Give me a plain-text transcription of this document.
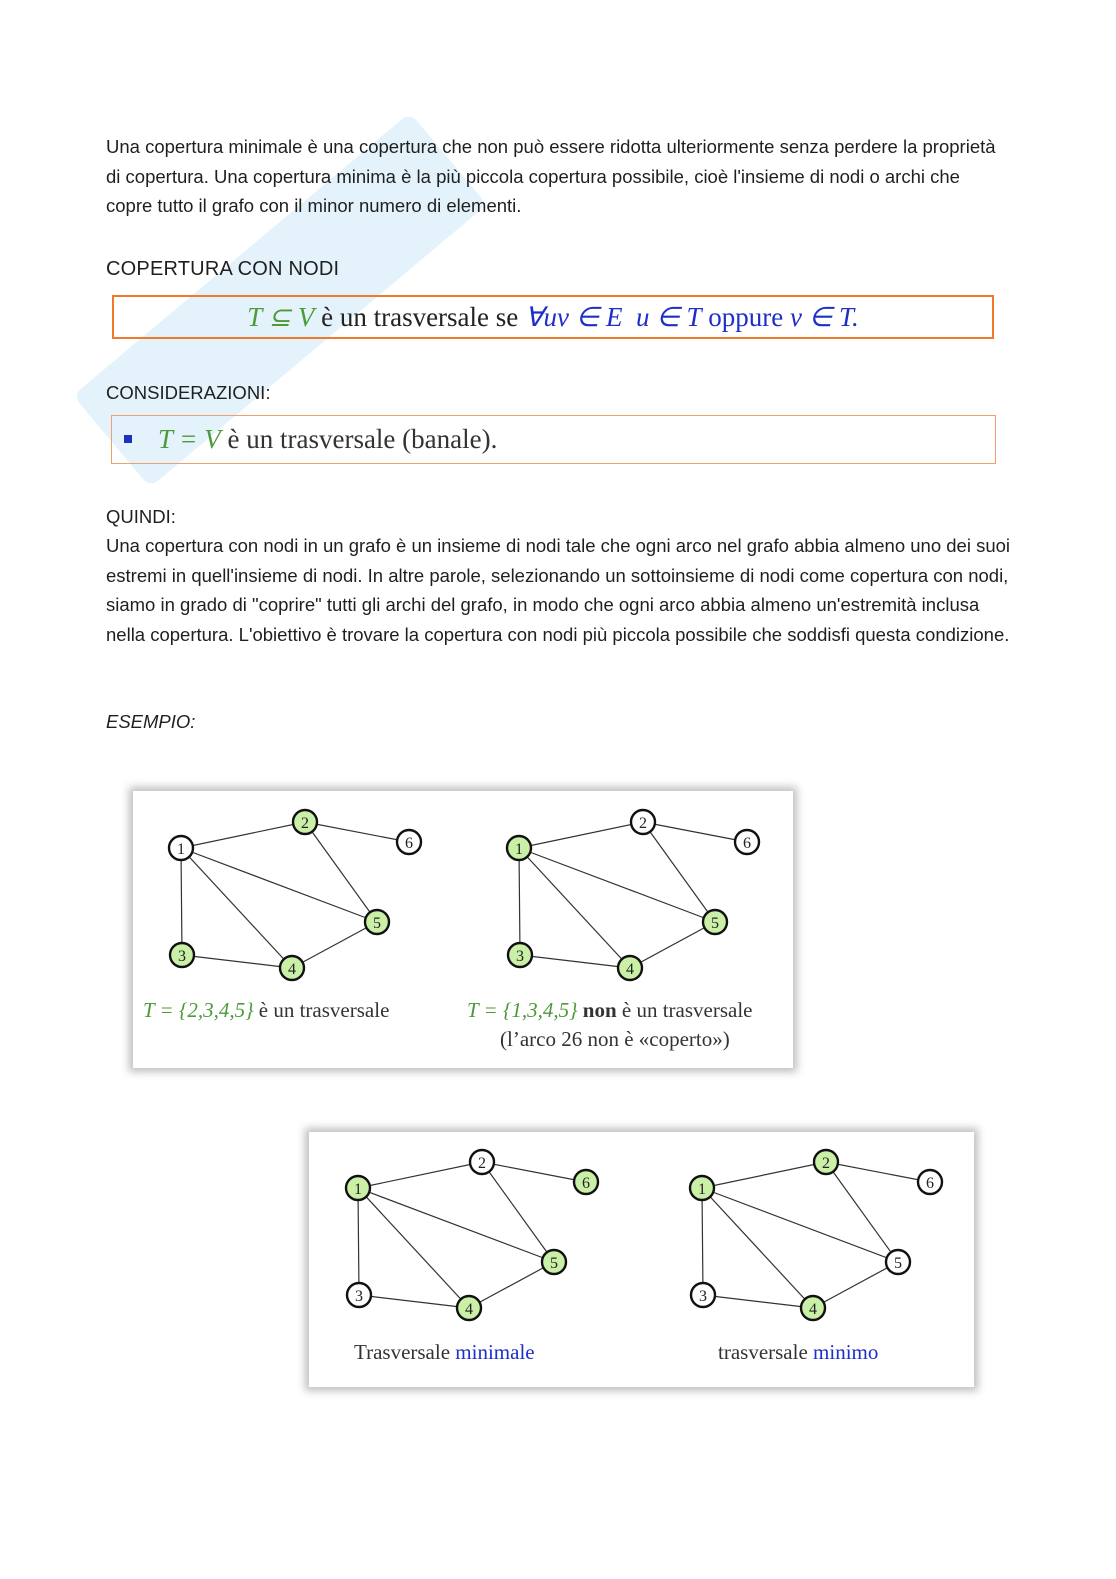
Una copertura minimale è una copertura che non può essere ridotta ulteriormente senza perdere la proprietà di copertura. Una copertura minima è la più piccola copertura possibile, cioè l'insieme di nodi o archi che copre tutto il grafo con il minor numero di elementi.
COPERTURA CON NODI
T ⊆ V è un trasversale se ∀uv ∈ E u ∈ T oppure v ∈ T.
CONSIDERAZIONI:
T = V è un trasversale (banale).
QUINDI:
Una copertura con nodi in un grafo è un insieme di nodi tale che ogni arco nel grafo abbia almeno uno dei suoi estremi in quell'insieme di nodi. In altre parole, selezionando un sottoinsieme di nodi come copertura con nodi, siamo in grado di "coprire" tutti gli archi del grafo, in modo che ogni arco abbia almeno un'estremità inclusa nella copertura. L'obiettivo è trovare la copertura con nodi più piccola possibile che soddisfi questa condizione.
ESEMPIO:
1
2
3
4
5
6	1
2
3
4
5
6
T = {2,3,4,5} è un trasversale	T = {1,3,4,5} non è un trasversale
(l’arco 26 non è «coperto»)
1
2
3
4
5
6	1
2
3
4
5
6
Trasversale minimale	trasversale minimo
